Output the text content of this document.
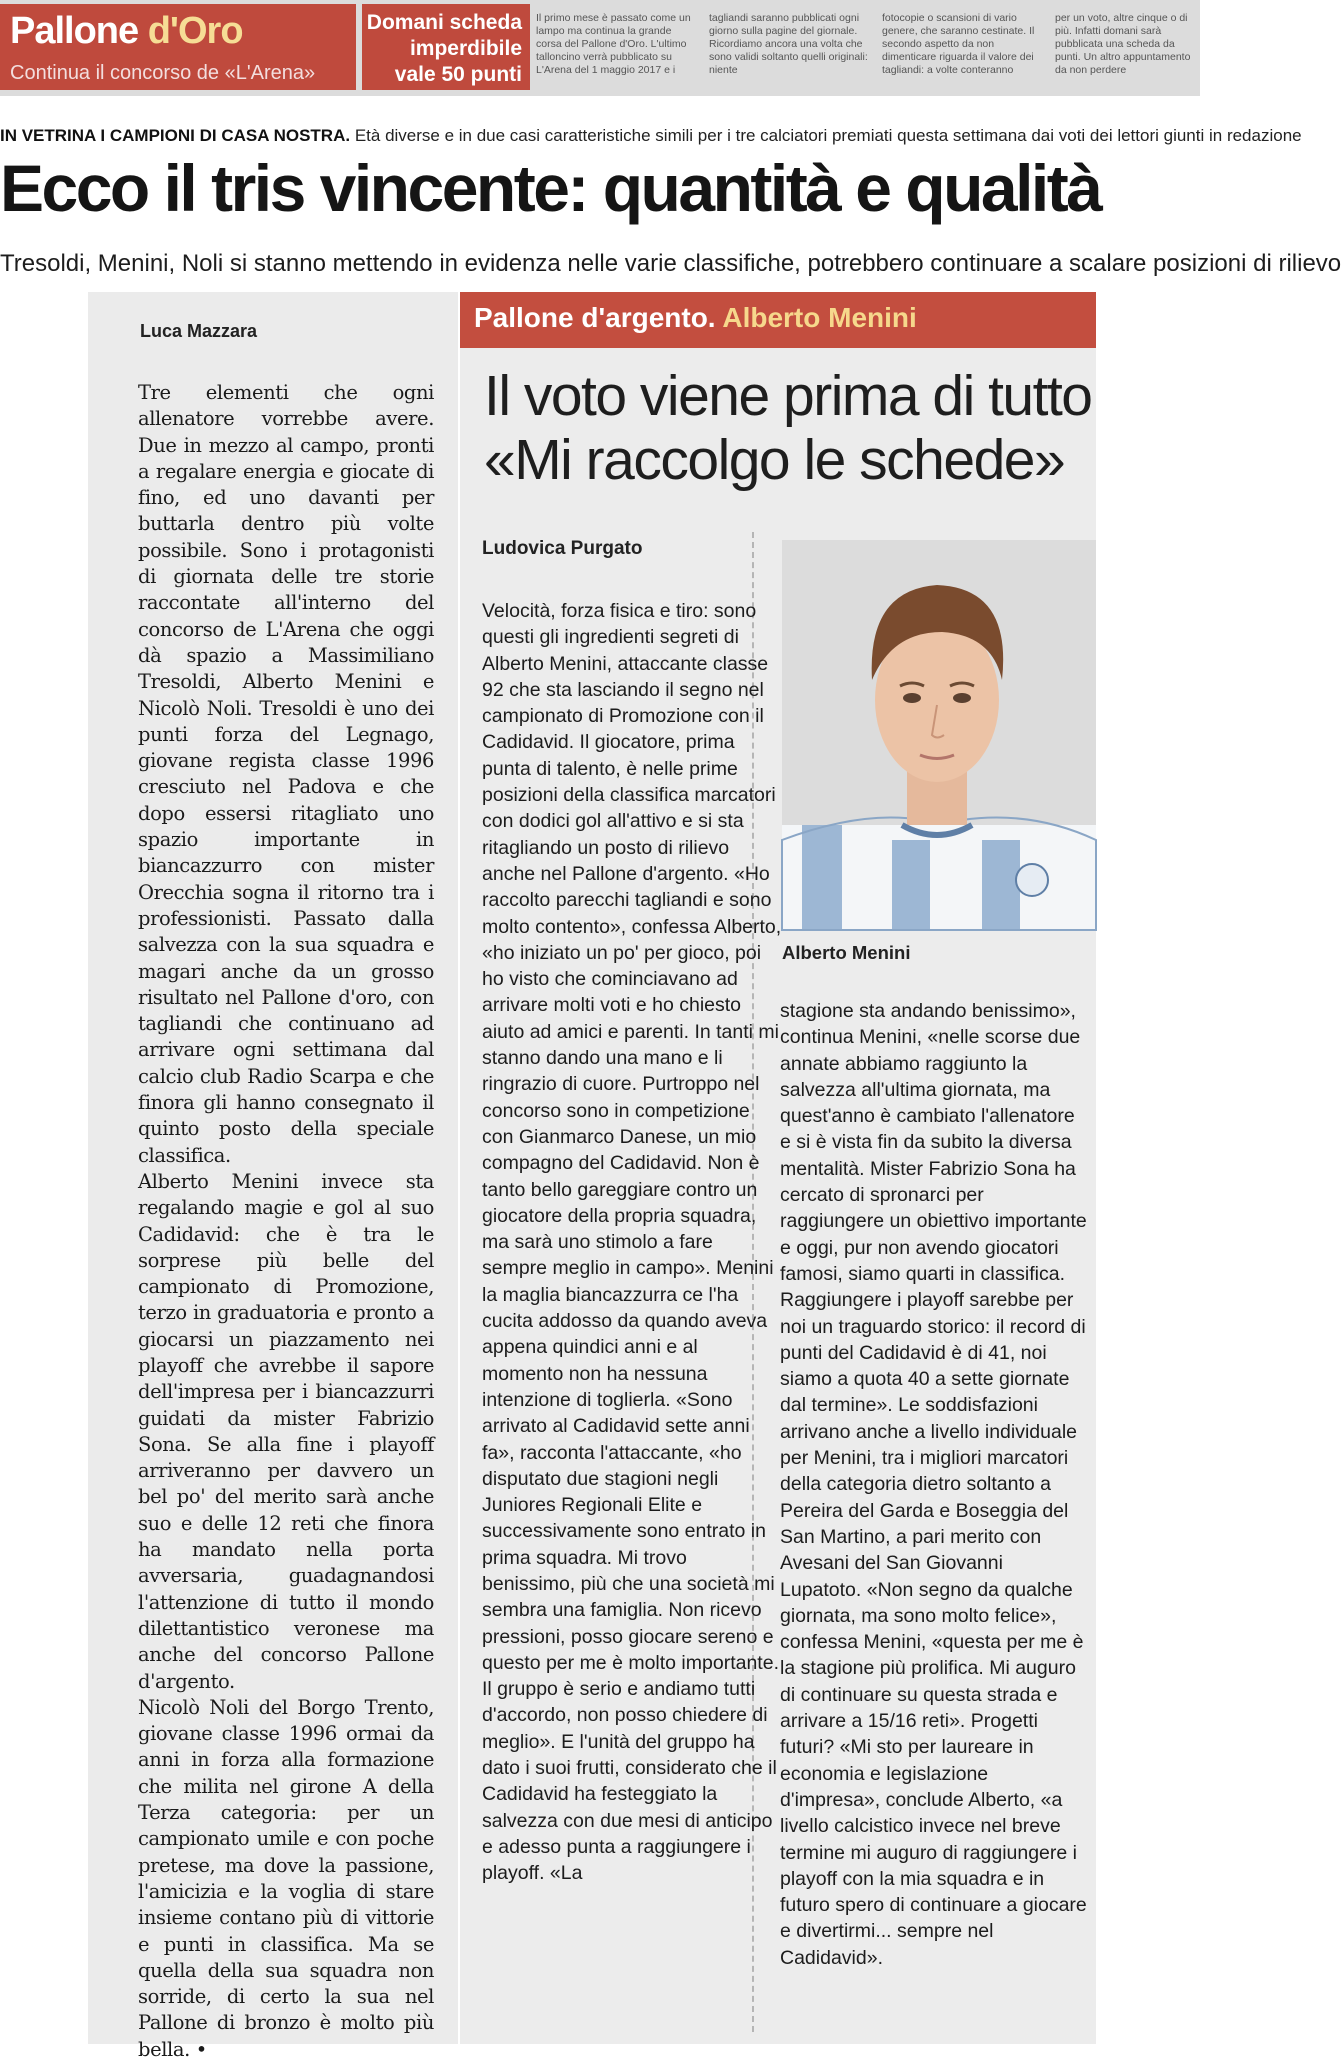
Pallone d'Oro
Continua il concorso de «L'Arena»
Domani scheda
imperdibile
vale 50 punti
Il primo mese è passato come un lampo ma continua la grande corsa del Pallone d'Oro. L'ultimo talloncino verrà pubblicato su L'Arena del 1 maggio 2017 e i
tagliandi saranno pubblicati ogni giorno sulla pagine del giornale. Ricordiamo ancora una volta che sono validi soltanto quelli originali: niente
fotocopie o scansioni di vario genere, che saranno cestinate. Il secondo aspetto da non dimenticare riguarda il valore dei tagliandi: a volte conteranno
per un voto, altre cinque o di più. Infatti domani sarà pubblicata una scheda da punti. Un altro appuntamento da non perdere
IN VETRINA I CAMPIONI DI CASA NOSTRA. Età diverse e in due casi caratteristiche simili per i tre calciatori premiati questa settimana dai voti dei lettori giunti in redazione
Ecco il tris vincente: quantità e qualità
Tresoldi, Menini, Noli si stanno mettendo in evidenza nelle varie classifiche, potrebbero continuare a scalare posizioni di rilievo
Luca Mazzara

Tre elementi che ogni allenatore vorrebbe avere. Due in mezzo al campo, pronti a regalare energia e giocate di fino, ed uno davanti per buttarla dentro più volte possibile. Sono i protagonisti di giornata delle tre storie raccontate all'interno del concorso de L'Arena che oggi dà spazio a Massimiliano Tresoldi, Alberto Menini e Nicolò Noli. Tresoldi è uno dei punti forza del Legnago, giovane regista classe 1996 cresciuto nel Padova e che dopo essersi ritagliato uno spazio importante in biancazzurro con mister Orecchia sogna il ritorno tra i professionisti. Passato dalla salvezza con la sua squadra e magari anche da un grosso risultato nel Pallone d'oro, con tagliandi che continuano ad arrivare ogni settimana dal calcio club Radio Scarpa e che finora gli hanno consegnato il quinto posto della speciale classifica.

Alberto Menini invece sta regalando magie e gol al suo Cadidavid: che è tra le sorprese più belle del campionato di Promozione, terzo in graduatoria e pronto a giocarsi un piazzamento nei playoff che avrebbe il sapore dell'impresa per i biancazzurri guidati da mister Fabrizio Sona. Se alla fine i playoff arriveranno per davvero un bel po' del merito sarà anche suo e delle 12 reti che finora ha mandato nella porta avversaria, guadagnandosi l'attenzione di tutto il mondo dilettantistico veronese ma anche del concorso Pallone d'argento.

Nicolò Noli del Borgo Trento, giovane classe 1996 ormai da anni in forza alla formazione che milita nel girone A della Terza categoria: per un campionato umile e con poche pretese, ma dove la passione, l'amicizia e la voglia di stare insieme contano più di vittorie e punti in classifica. Ma se quella della sua squadra non sorride, di certo la sua nel Pallone di bronzo è molto più bella. •

Pallone d'argento. Alberto Menini
Il voto viene prima di tutto
«Mi raccolgo le schede»
Ludovica Purgato

Velocità, forza fisica e tiro: sono questi gli ingredienti segreti di Alberto Menini, attaccante classe 92 che sta lasciando il segno nel campionato di Promozione con il Cadidavid. Il giocatore, prima punta di talento, è nelle prime posizioni della classifica marcatori con dodici gol all'attivo e si sta ritagliando un posto di rilievo anche nel Pallone d'argento. «Ho raccolto parecchi tagliandi e sono molto contento», confessa Alberto, «ho iniziato un po' per gioco, poi ho visto che cominciavano ad arrivare molti voti e ho chiesto aiuto ad amici e parenti. In tanti mi stanno dando una mano e li ringrazio di cuore. Purtroppo nel concorso sono in competizione con Gianmarco Danese, un mio compagno del Cadidavid. Non è tanto bello gareggiare contro un giocatore della propria squadra, ma sarà uno stimolo a fare sempre meglio in campo». Menini la maglia biancazzurra ce l'ha cucita addosso da quando aveva appena quindici anni e al momento non ha nessuna intenzione di toglierla. «Sono arrivato al Cadidavid sette anni fa», racconta l'attaccante, «ho disputato due stagioni negli Juniores Regionali Elite e successivamente sono entrato in prima squadra. Mi trovo benissimo, più che una società mi sembra una famiglia. Non ricevo pressioni, posso giocare sereno e questo per me è molto importante. Il gruppo è serio e andiamo tutti d'accordo, non posso chiedere di meglio». E l'unità del gruppo ha dato i suoi frutti, considerato che il Cadidavid ha festeggiato la salvezza con due mesi di anticipo e adesso punta a raggiungere i playoff. «La

Alberto Menini

stagione sta andando benissimo», continua Menini, «nelle scorse due annate abbiamo raggiunto la salvezza all'ultima giornata, ma quest'anno è cambiato l'allenatore e si è vista fin da subito la diversa mentalità. Mister Fabrizio Sona ha cercato di spronarci per raggiungere un obiettivo importante e oggi, pur non avendo giocatori famosi, siamo quarti in classifica. Raggiungere i playoff sarebbe per noi un traguardo storico: il record di punti del Cadidavid è di 41, noi siamo a quota 40 a sette giornate dal termine». Le soddisfazioni arrivano anche a livello individuale per Menini, tra i migliori marcatori della categoria dietro soltanto a Pereira del Garda e Boseggia del San Martino, a pari merito con Avesani del San Giovanni Lupatoto. «Non segno da qualche giornata, ma sono molto felice», confessa Menini, «questa per me è la stagione più prolifica. Mi auguro di continuare su questa strada e arrivare a 15/16 reti». Progetti futuri? «Mi sto per laureare in economia e legislazione d'impresa», conclude Alberto, «a livello calcistico invece nel breve termine mi auguro di raggiungere i playoff con la mia squadra e in futuro spero di continuare a giocare e divertirmi... sempre nel Cadidavid».
